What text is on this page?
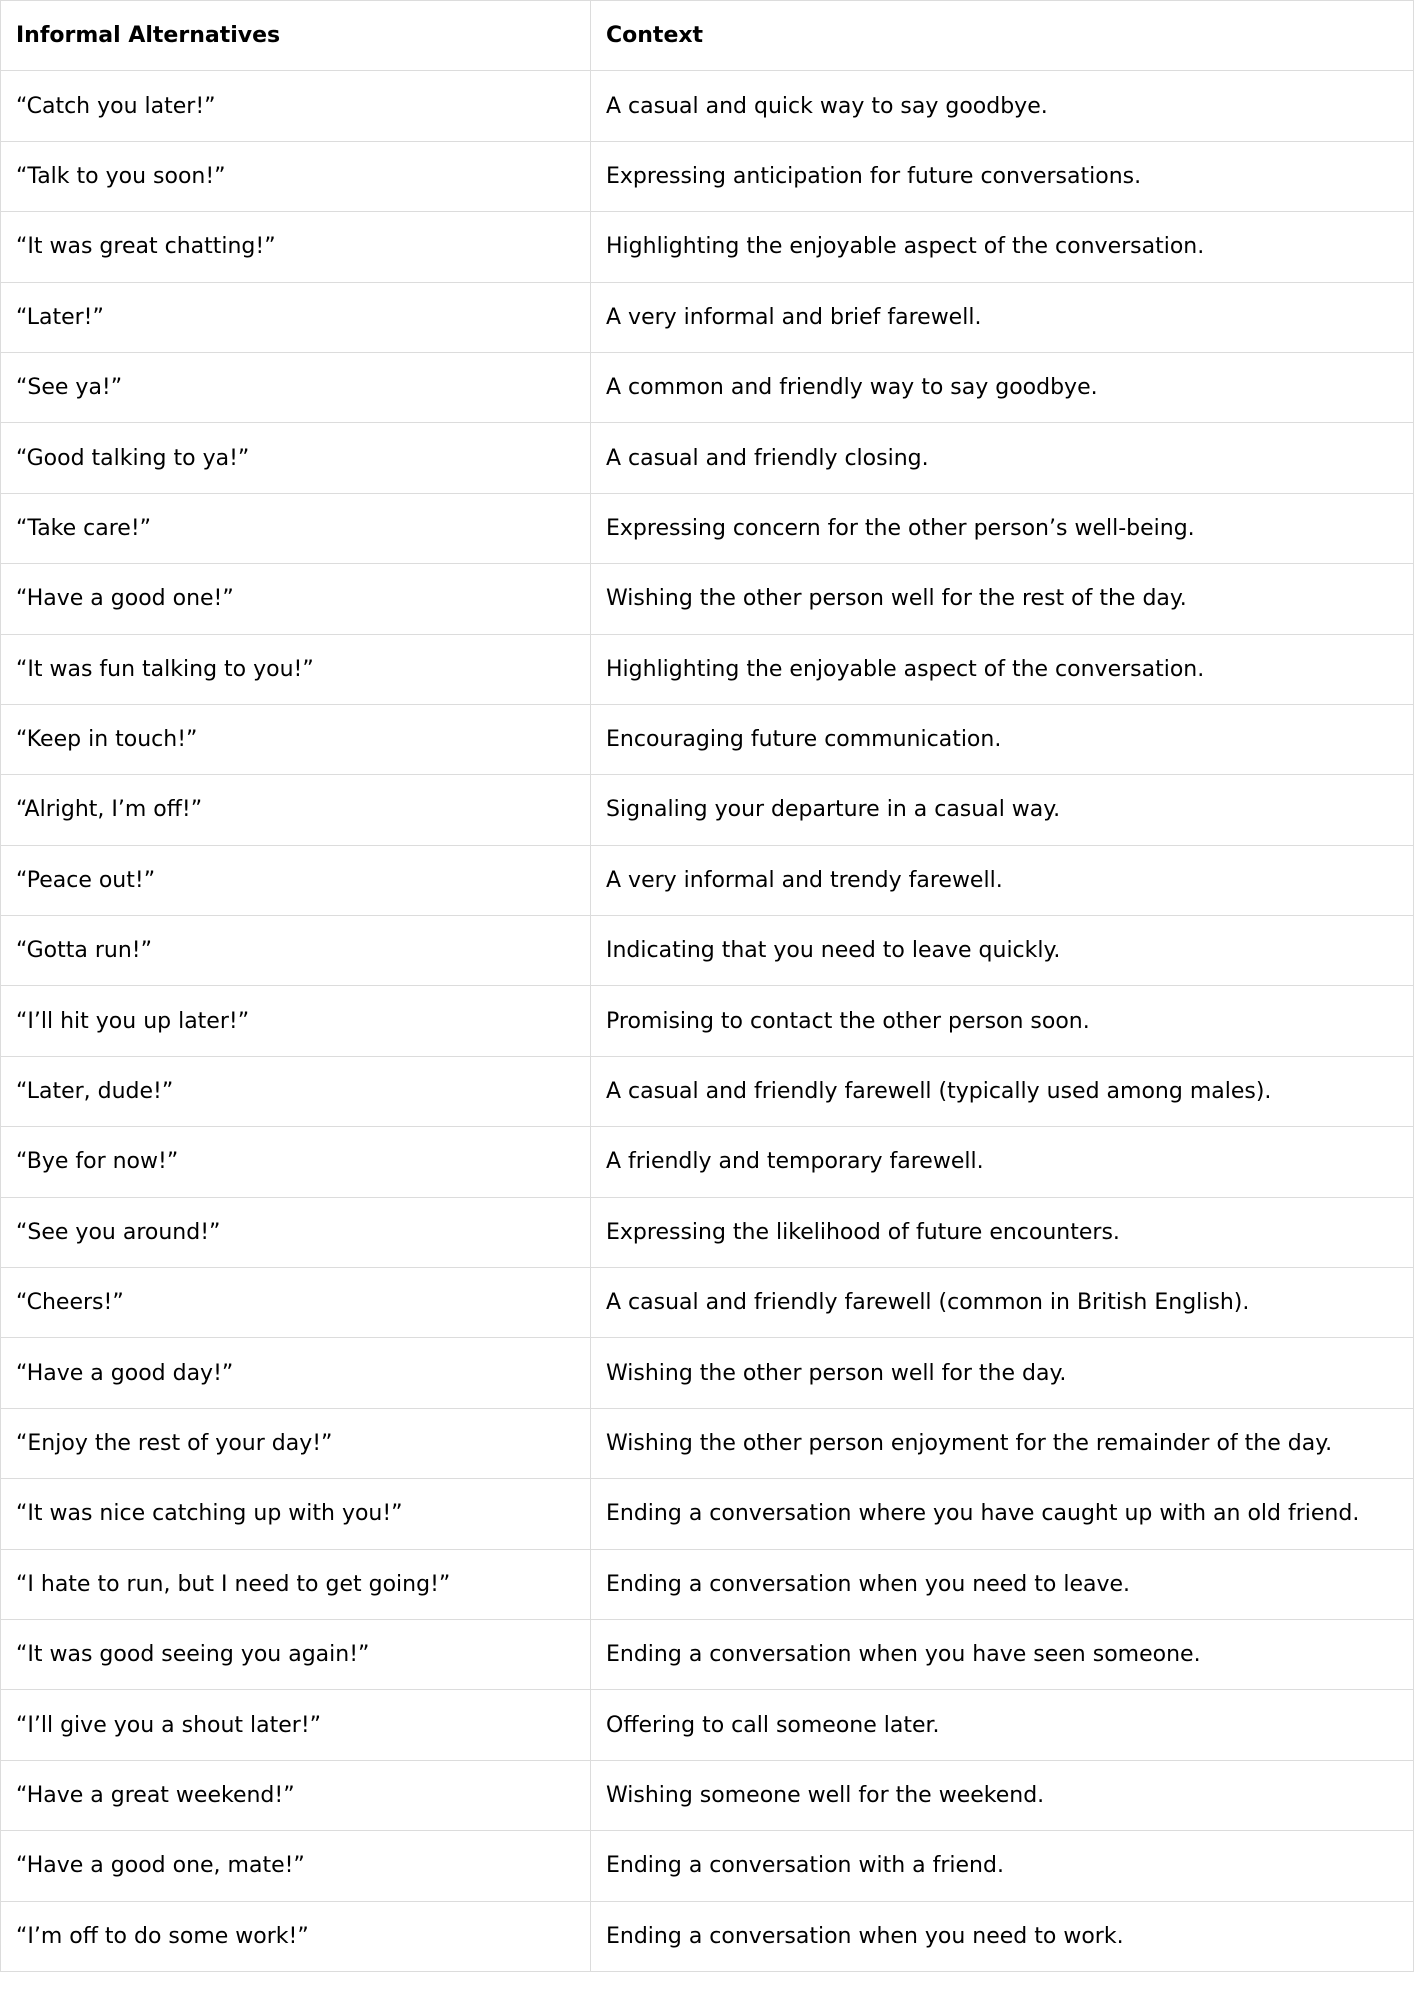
Informal Alternatives	Context
“Catch you later!”	A casual and quick way to say goodbye.
“Talk to you soon!”	Expressing anticipation for future conversations.
“It was great chatting!”	Highlighting the enjoyable aspect of the conversation.
“Later!”	A very informal and brief farewell.
“See ya!”	A common and friendly way to say goodbye.
“Good talking to ya!”	A casual and friendly closing.
“Take care!”	Expressing concern for the other person’s well-being.
“Have a good one!”	Wishing the other person well for the rest of the day.
“It was fun talking to you!”	Highlighting the enjoyable aspect of the conversation.
“Keep in touch!”	Encouraging future communication.
“Alright, I’m off!”	Signaling your departure in a casual way.
“Peace out!”	A very informal and trendy farewell.
“Gotta run!”	Indicating that you need to leave quickly.
“I’ll hit you up later!”	Promising to contact the other person soon.
“Later, dude!”	A casual and friendly farewell (typically used among males).
“Bye for now!”	A friendly and temporary farewell.
“See you around!”	Expressing the likelihood of future encounters.
“Cheers!”	A casual and friendly farewell (common in British English).
“Have a good day!”	Wishing the other person well for the day.
“Enjoy the rest of your day!”	Wishing the other person enjoyment for the remainder of the day.
“It was nice catching up with you!”	Ending a conversation where you have caught up with an old friend.
“I hate to run, but I need to get going!”	Ending a conversation when you need to leave.
“It was good seeing you again!”	Ending a conversation when you have seen someone.
“I’ll give you a shout later!”	Offering to call someone later.
“Have a great weekend!”	Wishing someone well for the weekend.
“Have a good one, mate!”	Ending a conversation with a friend.
“I’m off to do some work!”	Ending a conversation when you need to work.
